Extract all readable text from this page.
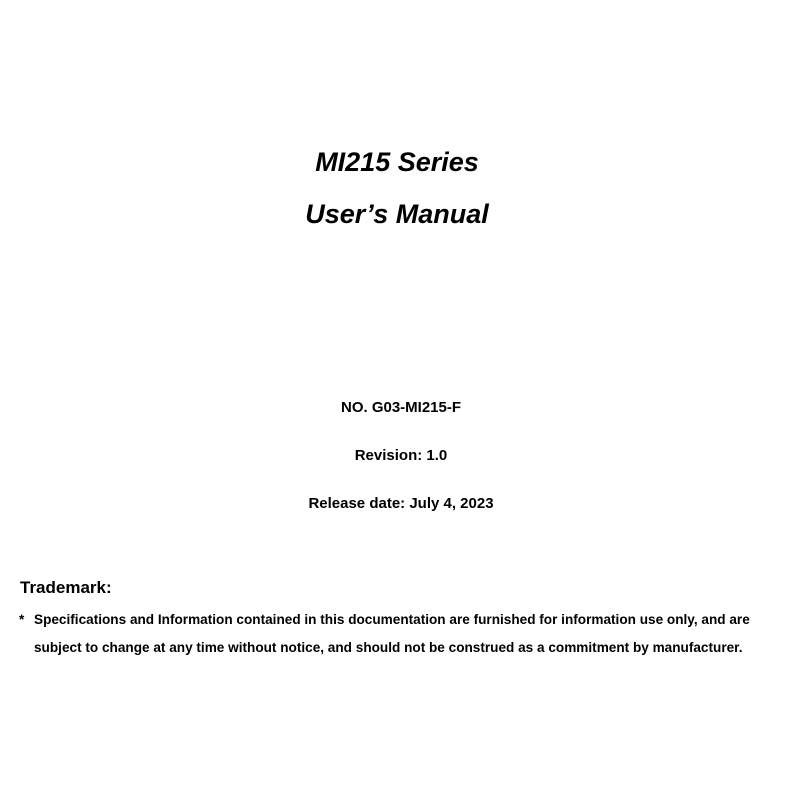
MI215 Series
User’s Manual

NO. G03-MI215-F

Revision: 1.0

Release date: July 4, 2023

Trademark:
* Specifications and Information contained in this documentation are furnished for information use only, and are
subject to change at any time without notice, and should not be construed as a commitment by manufacturer.
